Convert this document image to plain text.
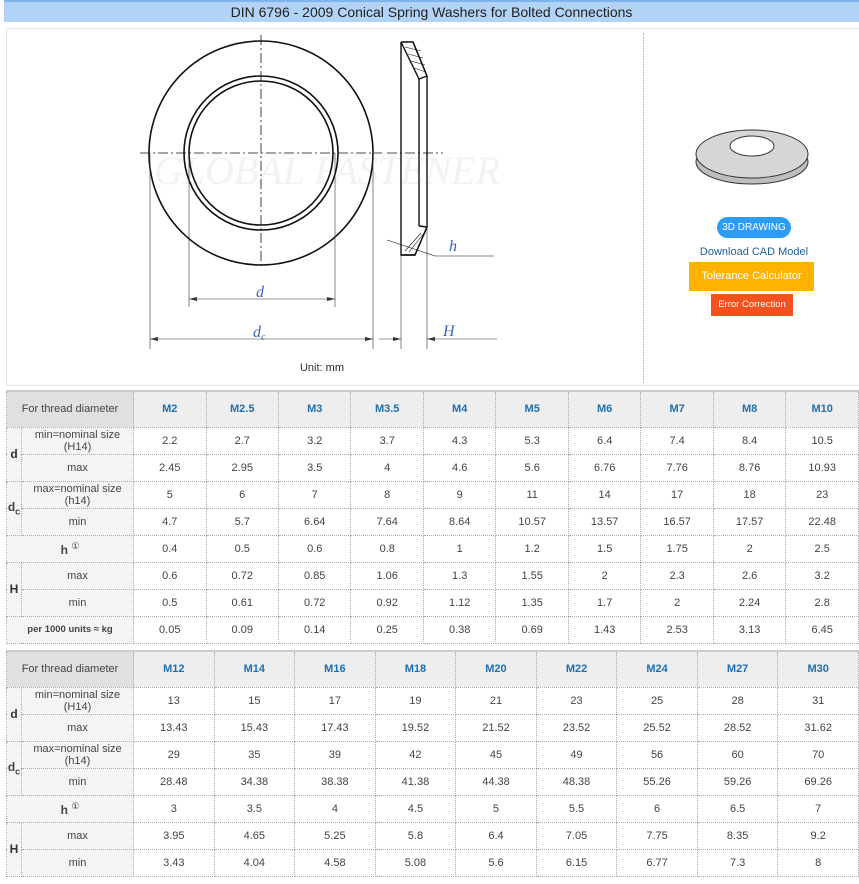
DIN 6796 - 2009 Conical Spring Washers for Bolted Connections
GLOBAL FASTENER
d
dc
h
H
Unit: mm
3D DRAWING
Download CAD Model
Tolerance Calculator
Error Correction
For thread diameter		M2	M2.5	M3	M3.5	M4	M5	M6	M7	M8	M10
d	min=nominal size (H14)	2.2	2.7	3.2	3.7	4.3	5.3	6.4	7.4	8.4	10.5
	max	2.45	2.95	3.5	4	4.6	5.6	6.76	7.76	8.76	10.93
$d_c$	max=nominal size (h14)	5	6	7	8	9	11	14	17	18	23
	min	4.7	5.7	6.64	7.64	8.64	10.57	13.57	16.57	17.57	22.48
h ①		0.4	0.5	0.6	0.8	1	1.2	1.5	1.75	2	2.5
H	max	0.6	0.72	0.85	1.06	1.3	1.55	2	2.3	2.6	3.2
	min	0.5	0.61	0.72	0.92	1.12	1.35	1.7	2	2.24	2.8
per 1000 units ≈ kg		0.05	0.09	0.14	0.25	0.38	0.69	1.43	2.53	3.13	6.45
For thread diameter		M12	M14	M16	M18	M20	M22	M24	M27	M30
d	min=nominal size (H14)	13	15	17	19	21	23	25	28	31
	max	13.43	15.43	17.43	19.52	21.52	23.52	25.52	28.52	31.62
$d_c$	max=nominal size (h14)	29	35	39	42	45	49	56	60	70
	min	28.48	34.38	38.38	41.38	44.38	48.38	55.26	59.26	69.26
h ①		3	3.5	4	4.5	5	5.5	6	6.5	7
H	max	3.95	4.65	5.25	5.8	6.4	7.05	7.75	8.35	9.2
	min	3.43	4.04	4.58	5.08	5.6	6.15	6.77	7.3	8
